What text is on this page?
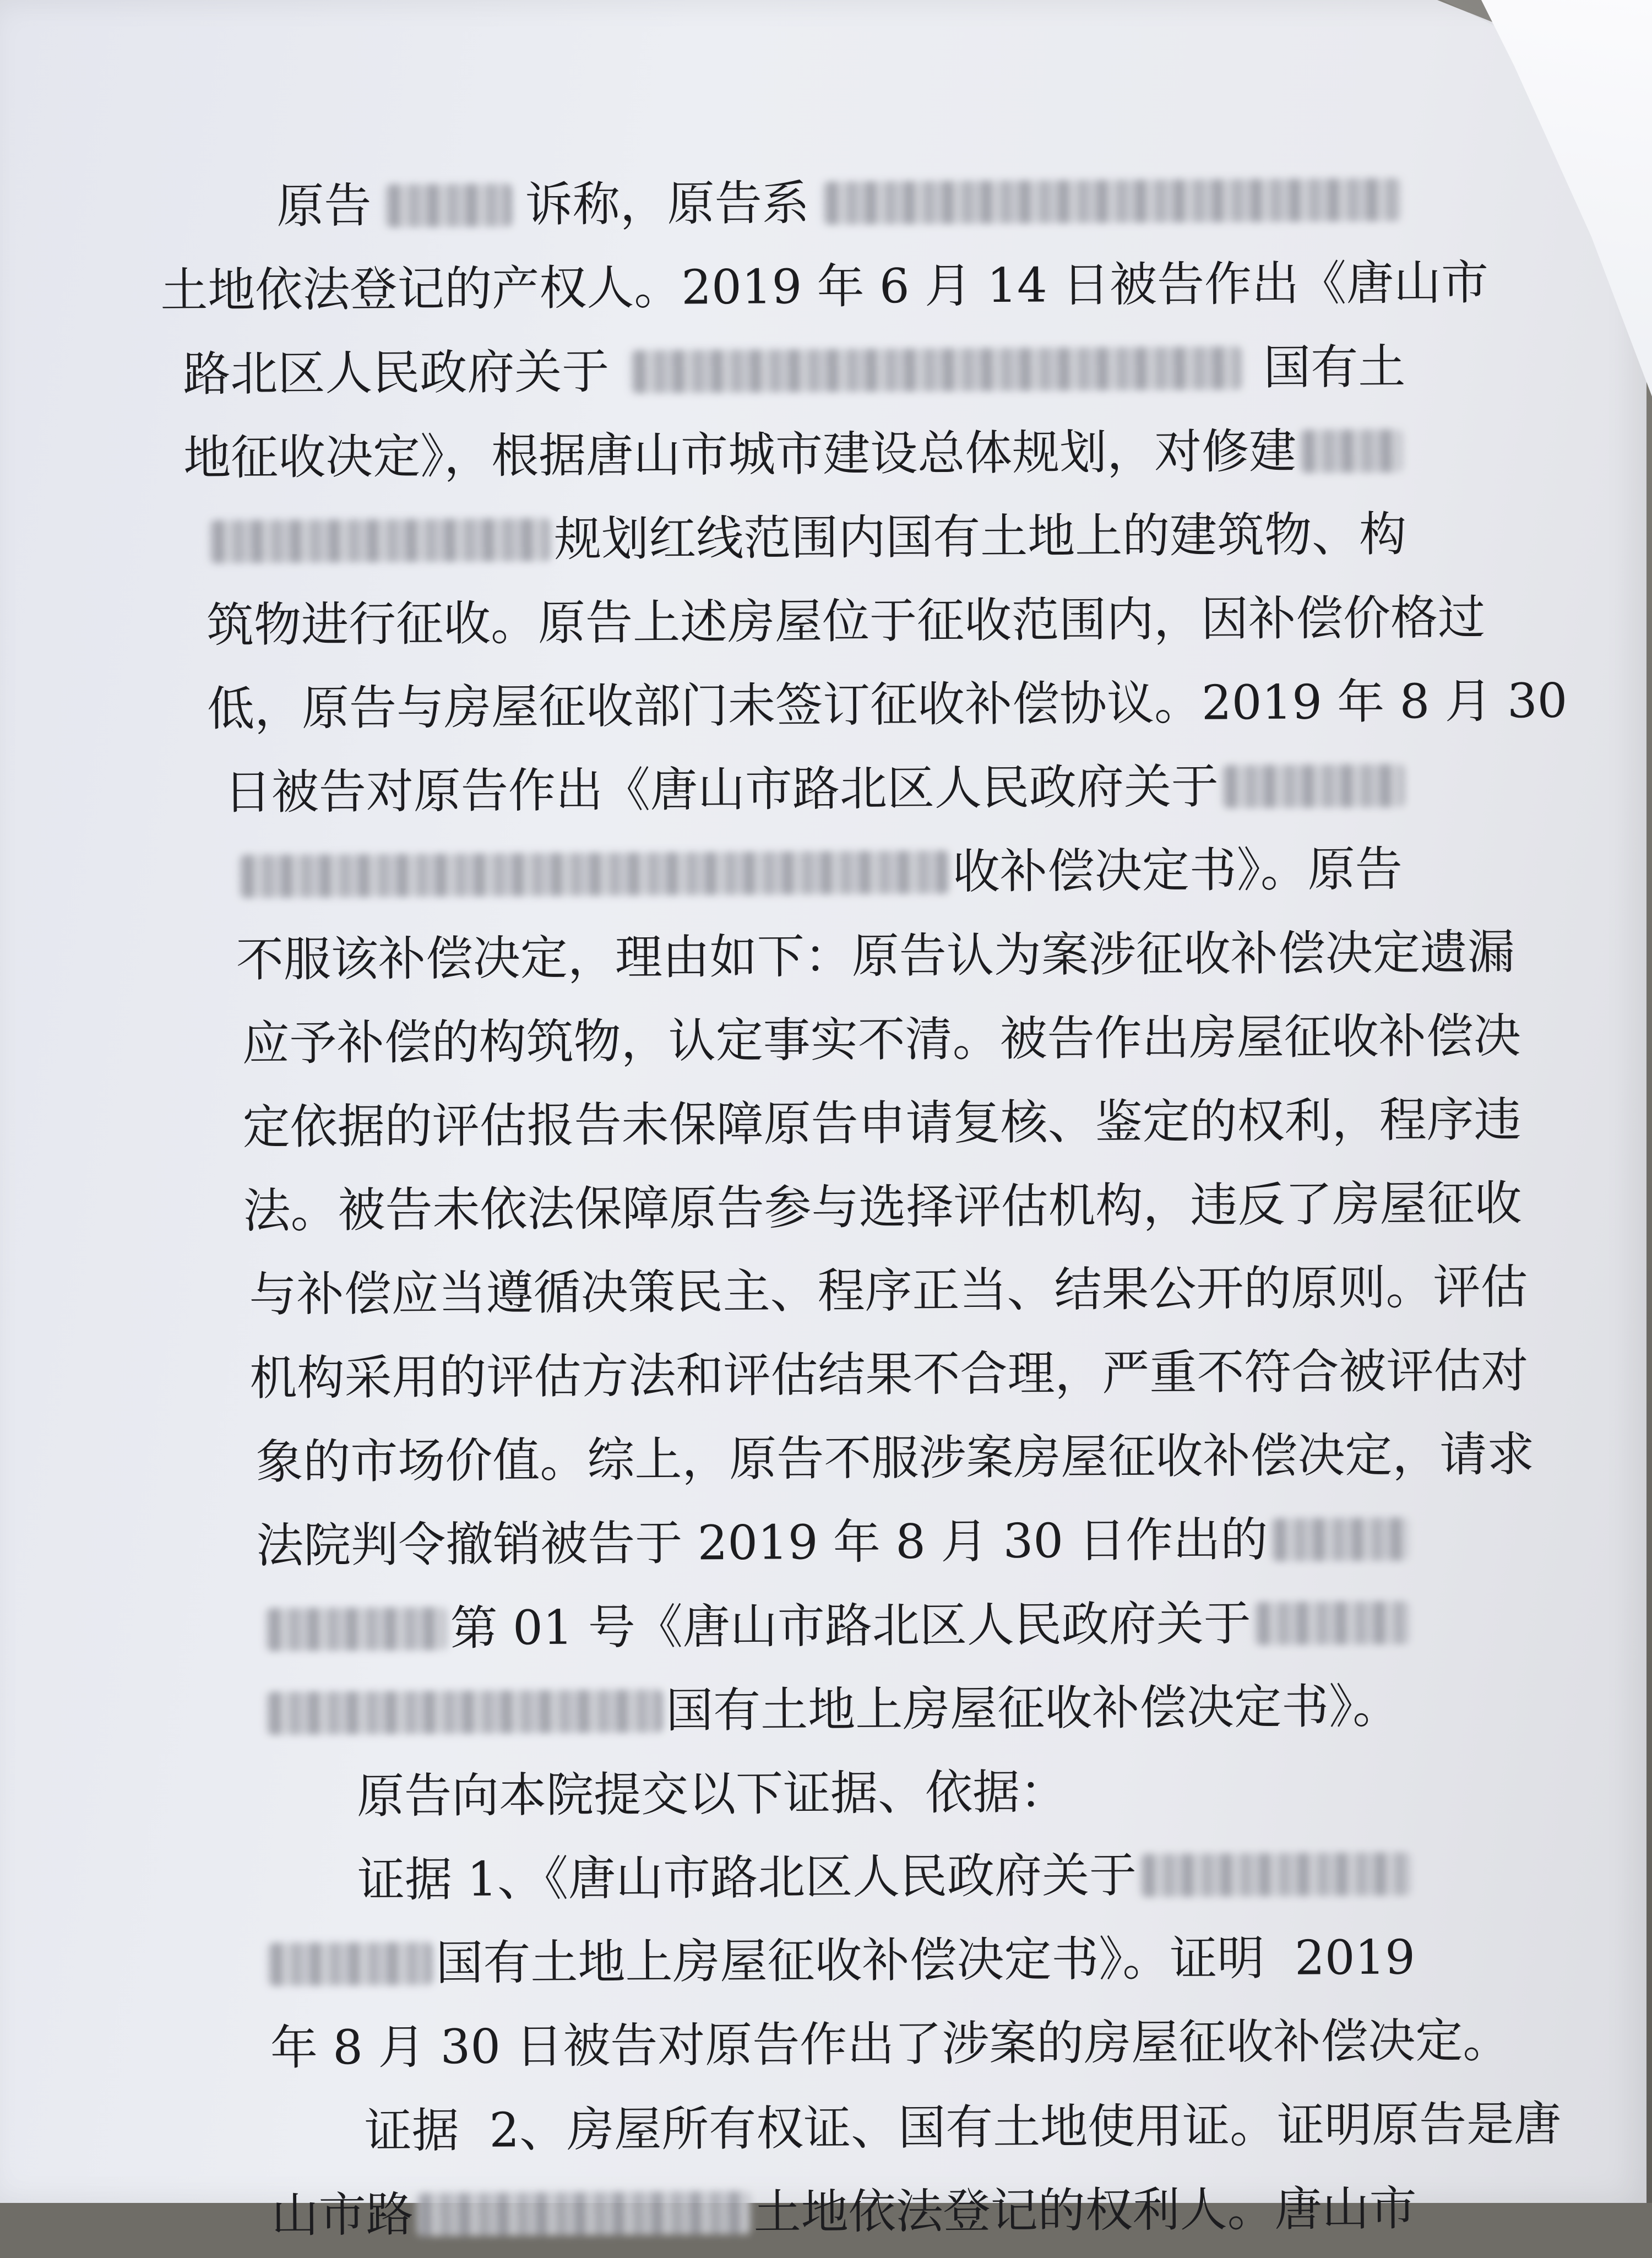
原告	诉称，原告系
土地依法登记的产权人。2019 年 6 月 14 日被告作出《唐山市
路北区人民政府关于	国有土
地征收决定》，根据唐山市城市建设总体规划，对修建
规划红线范围内国有土地上的建筑物、构
筑物进行征收。原告上述房屋位于征收范围内，因补偿价格过
低，原告与房屋征收部门未签订征收补偿协议。2019 年 8 月 30
日被告对原告作出《唐山市路北区人民政府关于
收补偿决定书》。原告
不服该补偿决定，理由如下：原告认为案涉征收补偿决定遗漏
应予补偿的构筑物，认定事实不清。被告作出房屋征收补偿决
定依据的评估报告未保障原告申请复核、鉴定的权利，程序违
法。被告未依法保障原告参与选择评估机构，违反了房屋征收
与补偿应当遵循决策民主、程序正当、结果公开的原则。评估
机构采用的评估方法和评估结果不合理，严重不符合被评估对
象的市场价值。综上，原告不服涉案房屋征收补偿决定，请求
法院判令撤销被告于 2019 年 8 月 30 日作出的
第 01 号《唐山市路北区人民政府关于
国有土地上房屋征收补偿决定书》。
原告向本院提交以下证据、依据：
证据 1、《唐山市路北区人民政府关于
国有土地上房屋征收补偿决定书》。证明  2019
年 8 月 30 日被告对原告作出了涉案的房屋征收补偿决定。
证据  2、房屋所有权证、国有土地使用证。证明原告是唐
山市路	土地依法登记的权利人。唐山市
